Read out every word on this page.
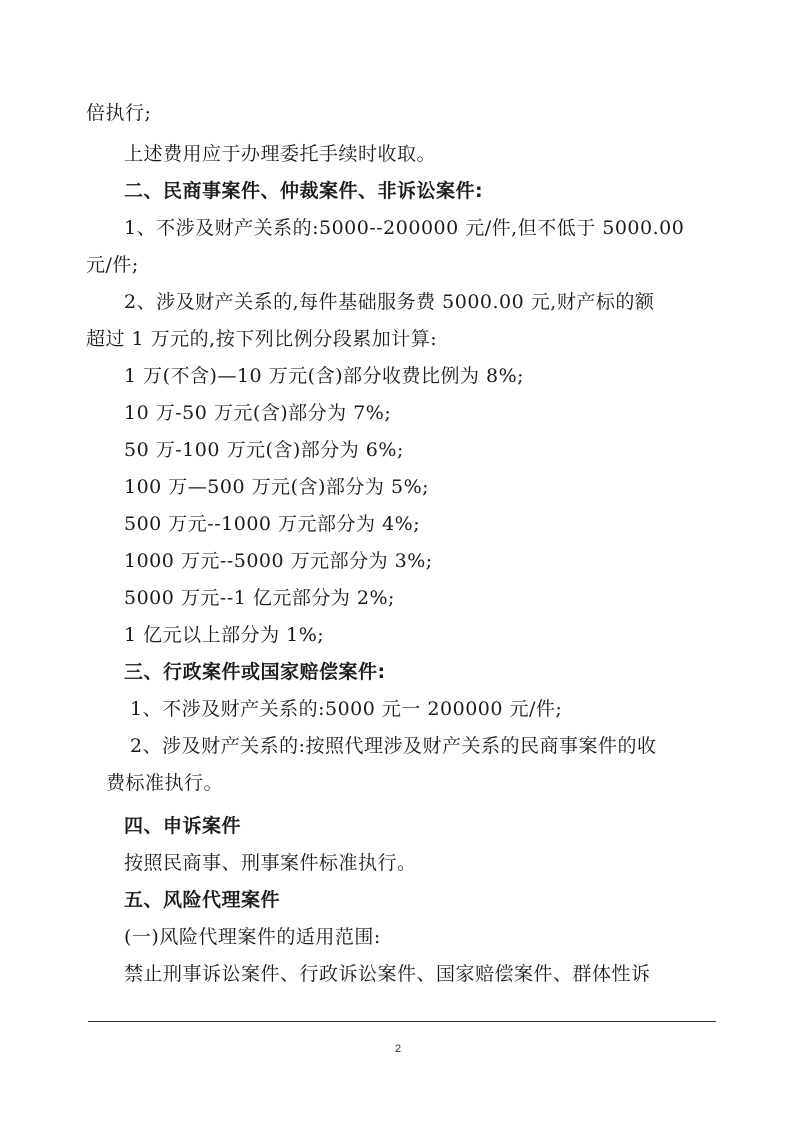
倍执行;
上述费用应于办理委托手续时收取。
二、民商事案件、仲裁案件、非诉讼案件:
1、不涉及财产关系的:5000--200000 元/件,但不低于 5000.00
元/件;
2、涉及财产关系的,每件基础服务费 5000.00 元,财产标的额
超过 1 万元的,按下列比例分段累加计算:
1 万(不含)—10 万元(含)部分收费比例为 8%;
10 万-50 万元(含)部分为 7%;
50 万-100 万元(含)部分为 6%;
100 万—500 万元(含)部分为 5%;
500 万元--1000 万元部分为 4%;
1000 万元--5000 万元部分为 3%;
5000 万元--1 亿元部分为 2%;
1 亿元以上部分为 1%;
三、行政案件或国家赔偿案件:
1、不涉及财产关系的:5000 元一 200000 元/件;
2、涉及财产关系的:按照代理涉及财产关系的民商事案件的收
费标准执行。
四、申诉案件
按照民商事、刑事案件标准执行。
五、风险代理案件
(一)风险代理案件的适用范围:
禁止刑事诉讼案件、行政诉讼案件、国家赔偿案件、群体性诉
2
